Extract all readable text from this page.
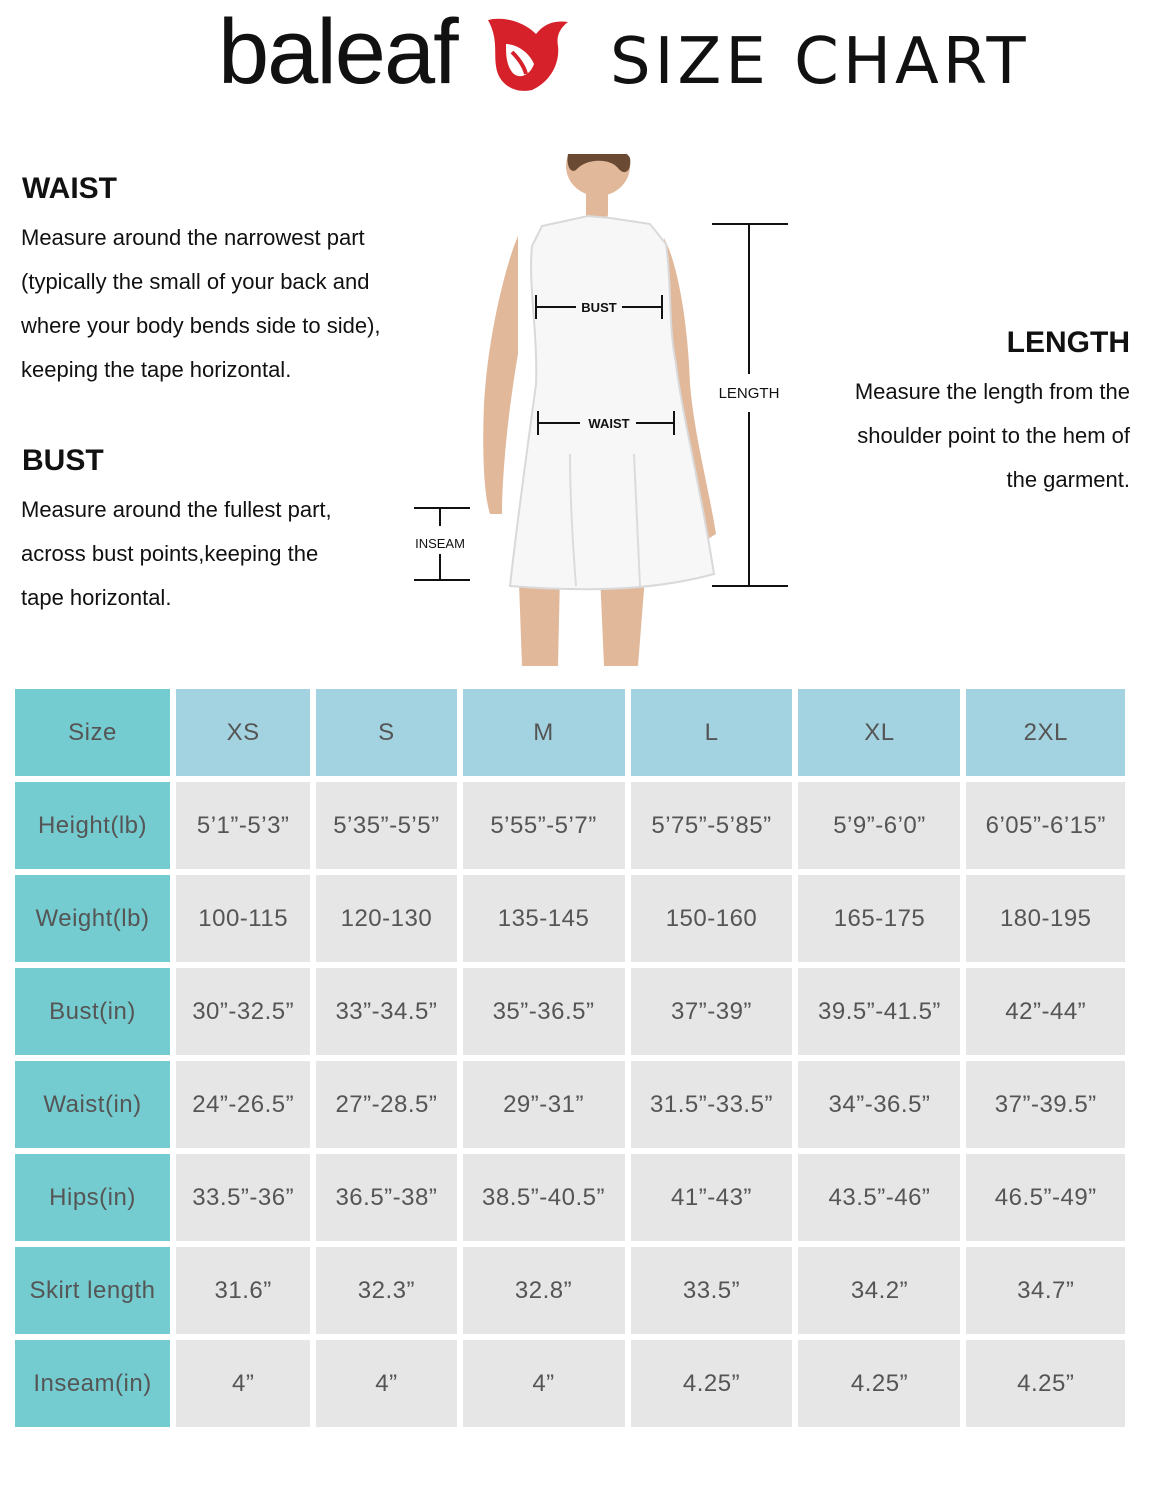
baleaf SIZE CHART
WAIST
Measure around the narrowest part
(typically the small of your back and
where your body bends side to side),
keeping the tape horizontal.
BUST
Measure around the fullest part,
across bust points,keeping the
tape horizontal.
LENGTH
Measure the length from the
shoulder point to the hem of
the garment.
BUST
WAIST
INSEAM
LENGTH
Size	XS	S	M	L	XL	2XL
Height(lb)	5’1”-5’3”	5’35”-5’5”	5’55”-5’7”	5’75”-5’85”	5’9”-6’0”	6’05”-6’15”
Weight(lb)	100-115	120-130	135-145	150-160	165-175	180-195
Bust(in)	30”-32.5”	33”-34.5”	35”-36.5”	37”-39”	39.5”-41.5”	42”-44”
Waist(in)	24”-26.5”	27”-28.5”	29”-31”	31.5”-33.5”	34”-36.5”	37”-39.5”
Hips(in)	33.5”-36”	36.5”-38”	38.5”-40.5”	41”-43”	43.5”-46”	46.5”-49”
Skirt length	31.6”	32.3”	32.8”	33.5”	34.2”	34.7”
Inseam(in)	4”	4”	4”	4.25”	4.25”	4.25”
